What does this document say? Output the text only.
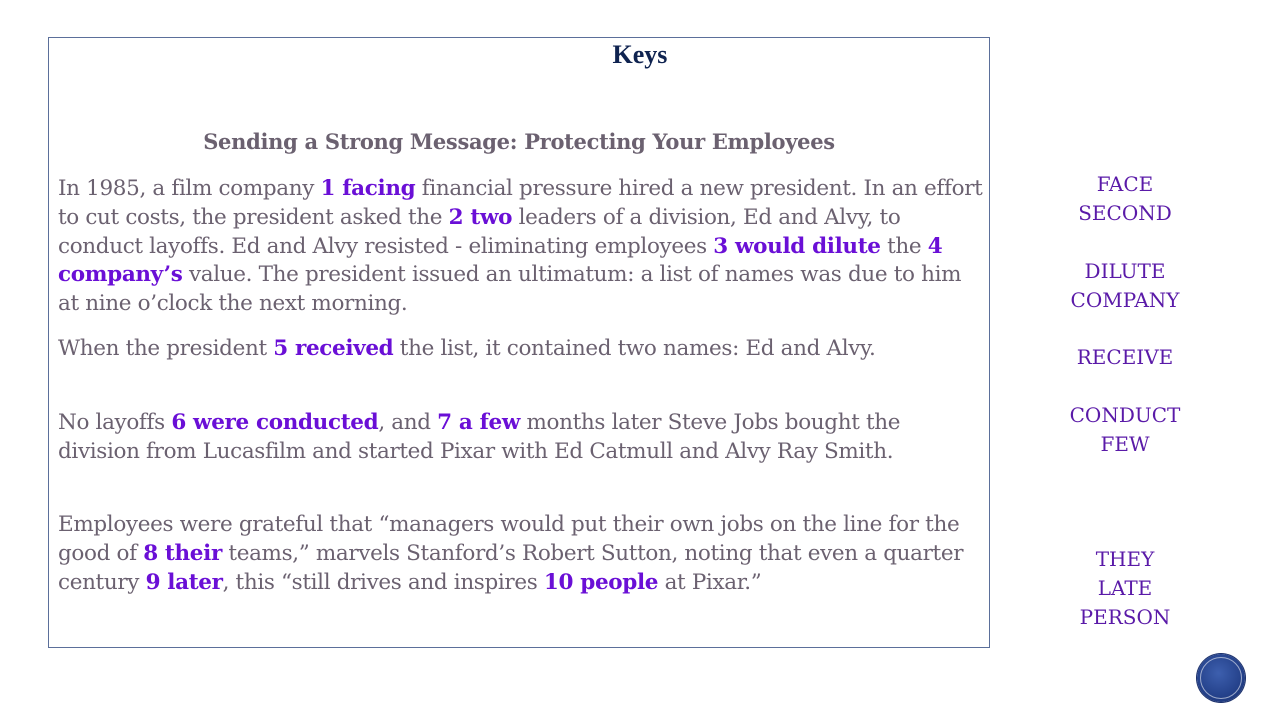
Keys
Sending a Strong Message: Protecting Your Employees

In 1985, a film company 1 facing financial pressure hired a new president. In an effort to cut costs, the president asked the 2 two leaders of a division, Ed and Alvy, to conduct layoffs. Ed and Alvy resisted - eliminating employees 3 would dilute the 4 company’s value. The president issued an ultimatum: a list of names was due to him at nine o’clock the next morning.

When the president 5 received the list, it contained two names: Ed and Alvy.

No layoffs 6 were conducted, and 7 a few months later Steve Jobs bought the division from Lucasfilm and started Pixar with Ed Catmull and Alvy Ray Smith.

Employees were grateful that “managers would put their own jobs on the line for the good of 8 their teams,” marvels Stanford’s Robert Sutton, noting that even a quarter century 9 later, this “still drives and inspires 10 people at Pixar.”

FACE
SECOND
DILUTE
COMPANY
RECEIVE
CONDUCT
FEW
THEY
LATE
PERSON
